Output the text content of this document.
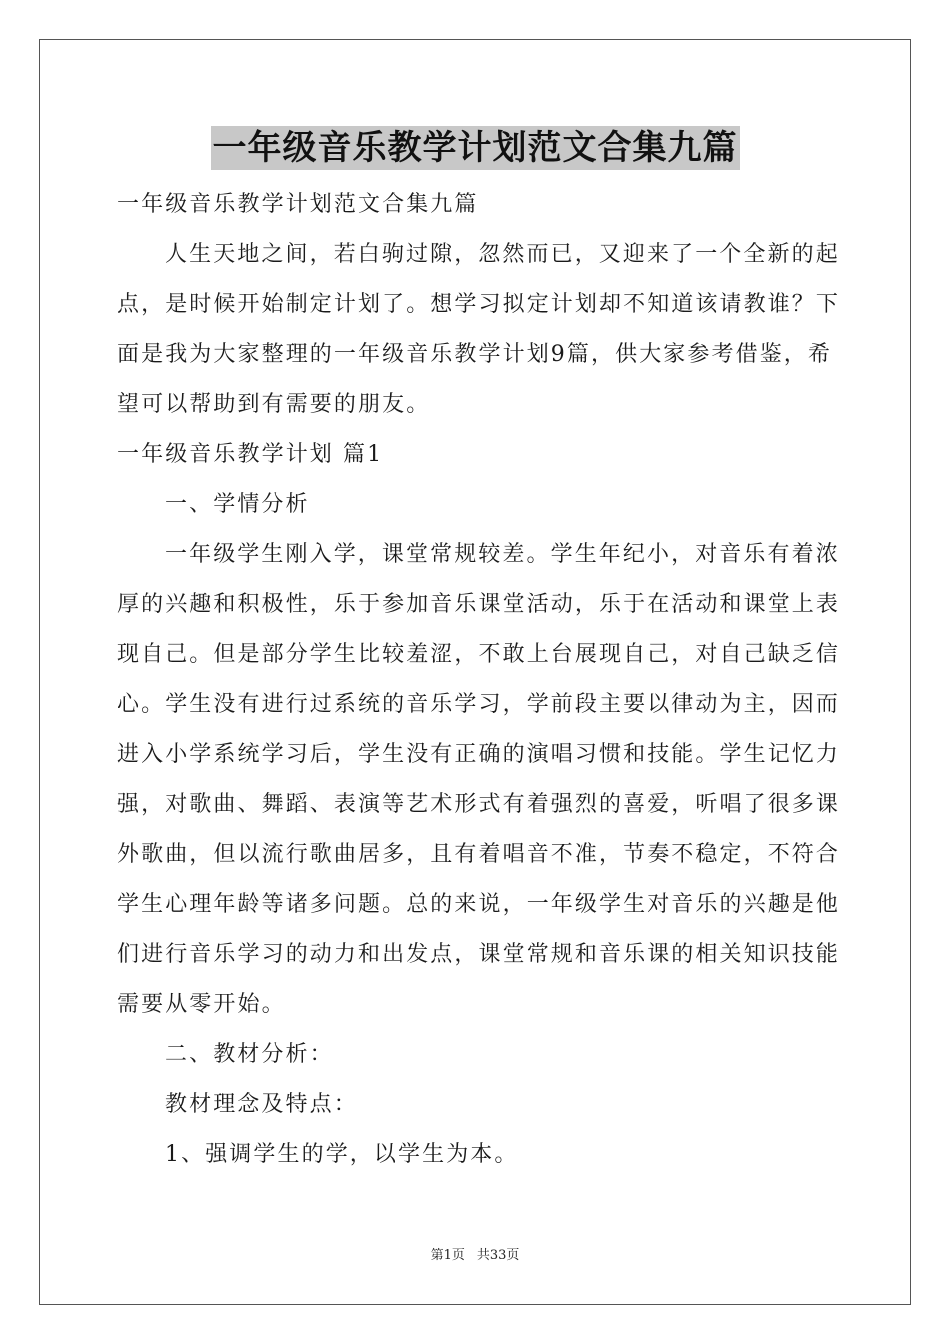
一年级音乐教学计划范文合集九篇

一年级音乐教学计划范文合集九篇

人生天地之间，若白驹过隙，忽然而已，又迎来了一个全新的起

点，是时候开始制定计划了。想学习拟定计划却不知道该请教谁？下

面是我为大家整理的一年级音乐教学计划9篇，供大家参考借鉴，希

望可以帮助到有需要的朋友。

一年级音乐教学计划 篇1

一、学情分析

一年级学生刚入学，课堂常规较差。学生年纪小，对音乐有着浓

厚的兴趣和积极性，乐于参加音乐课堂活动，乐于在活动和课堂上表

现自己。但是部分学生比较羞涩，不敢上台展现自己，对自己缺乏信

心。学生没有进行过系统的音乐学习，学前段主要以律动为主，因而

进入小学系统学习后，学生没有正确的演唱习惯和技能。学生记忆力

强，对歌曲、舞蹈、表演等艺术形式有着强烈的喜爱，听唱了很多课

外歌曲，但以流行歌曲居多，且有着唱音不准，节奏不稳定，不符合

学生心理年龄等诸多问题。总的来说，一年级学生对音乐的兴趣是他

们进行音乐学习的动力和出发点，课堂常规和音乐课的相关知识技能

需要从零开始。

二、教材分析：

教材理念及特点：

1、强调学生的学，以学生为本。

第1页 共33页
